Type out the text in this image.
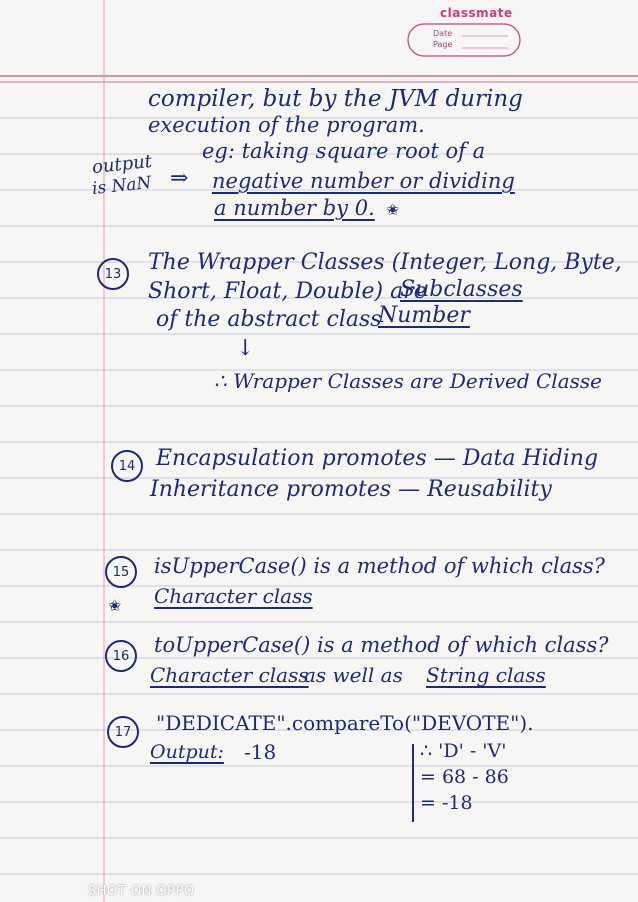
classmate
Date
Page
compiler, but by the JVM during
execution of the program.
output
is NaN ⇒
eg: taking square root of a
negative number or dividing
a number by 0. ✬
13	The Wrapper Classes (Integer, Long, Byte,
Short, Float, Double) are
Subclasses
of the abstract class
Number
↓
∴ Wrapper Classes are Derived Classe
14 Encapsulation promotes — Data Hiding
Inheritance promotes — Reusability
15	isUpperCase() is a method of which class?
✬ Character class
16	toUpperCase() is a method of which class?
Character class
as well as String class
17	"DEDICATE".compareTo("DEVOTE").
Output: -18	∴ 'D' - 'V'
= 68 - 86
= -18
SHOT ON OPPO
